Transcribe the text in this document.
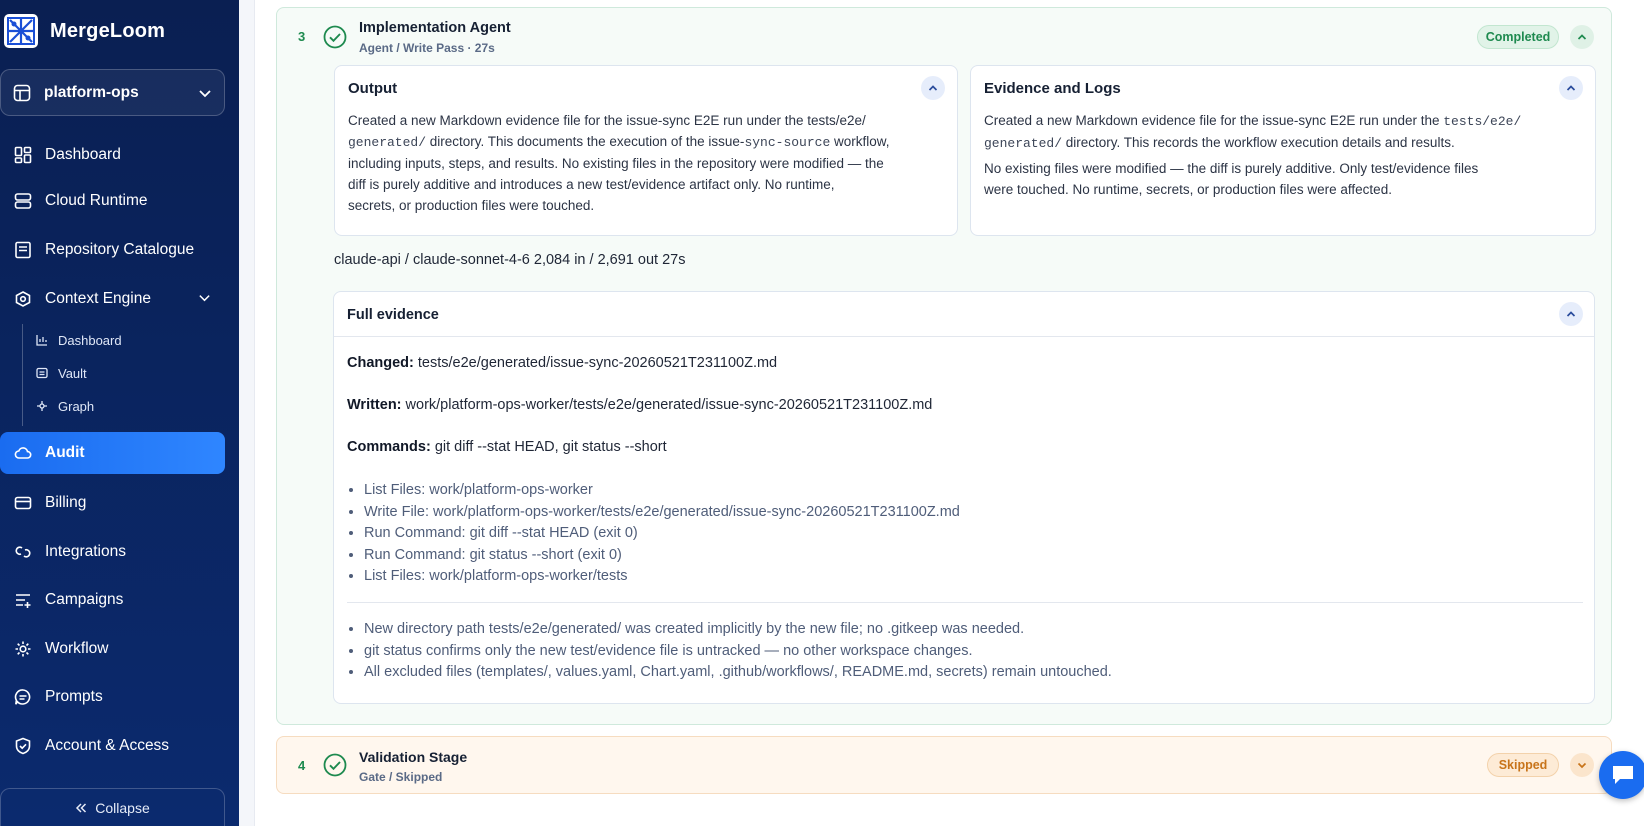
MergeLoom
platform-ops
Dashboard
Cloud Runtime
Repository Catalogue
Context Engine
Dashboard
Vault
Graph
Audit
Billing
Integrations
Campaigns
Workflow
Prompts
Account & Access
Collapse
3
Implementation Agent
Agent / Write Pass · 27s
Completed
Output
Created a new Markdown evidence file for the issue-sync E2E run under the tests/e2e/
generated/ directory. This documents the execution of the issue-sync-source workflow,
including inputs, steps, and results. No existing files in the repository were modified — the
diff is purely additive and introduces a new test/evidence artifact only. No runtime,
secrets, or production files were touched.
Evidence and Logs
Created a new Markdown evidence file for the issue-sync E2E run under the tests/e2e/
generated/ directory. This records the workflow execution details and results.
No existing files were modified — the diff is purely additive. Only test/evidence files
were touched. No runtime, secrets, or production files were affected.
claude-api / claude-sonnet-4-6 2,084 in / 2,691 out 27s
Full evidence
Changed: tests/e2e/generated/issue-sync-20260521T231100Z.md
Written: work/platform-ops-worker/tests/e2e/generated/issue-sync-20260521T231100Z.md
Commands: git diff --stat HEAD, git status --short
• List Files: work/platform-ops-worker
• Write File: work/platform-ops-worker/tests/e2e/generated/issue-sync-20260521T231100Z.md
• Run Command: git diff --stat HEAD (exit 0)
• Run Command: git status --short (exit 0)
• List Files: work/platform-ops-worker/tests
• New directory path tests/e2e/generated/ was created implicitly by the new file; no .gitkeep was needed.
• git status confirms only the new test/evidence file is untracked — no other workspace changes.
• All excluded files (templates/, values.yaml, Chart.yaml, .github/workflows/, README.md, secrets) remain untouched.
4
Validation Stage
Gate / Skipped
Skipped
